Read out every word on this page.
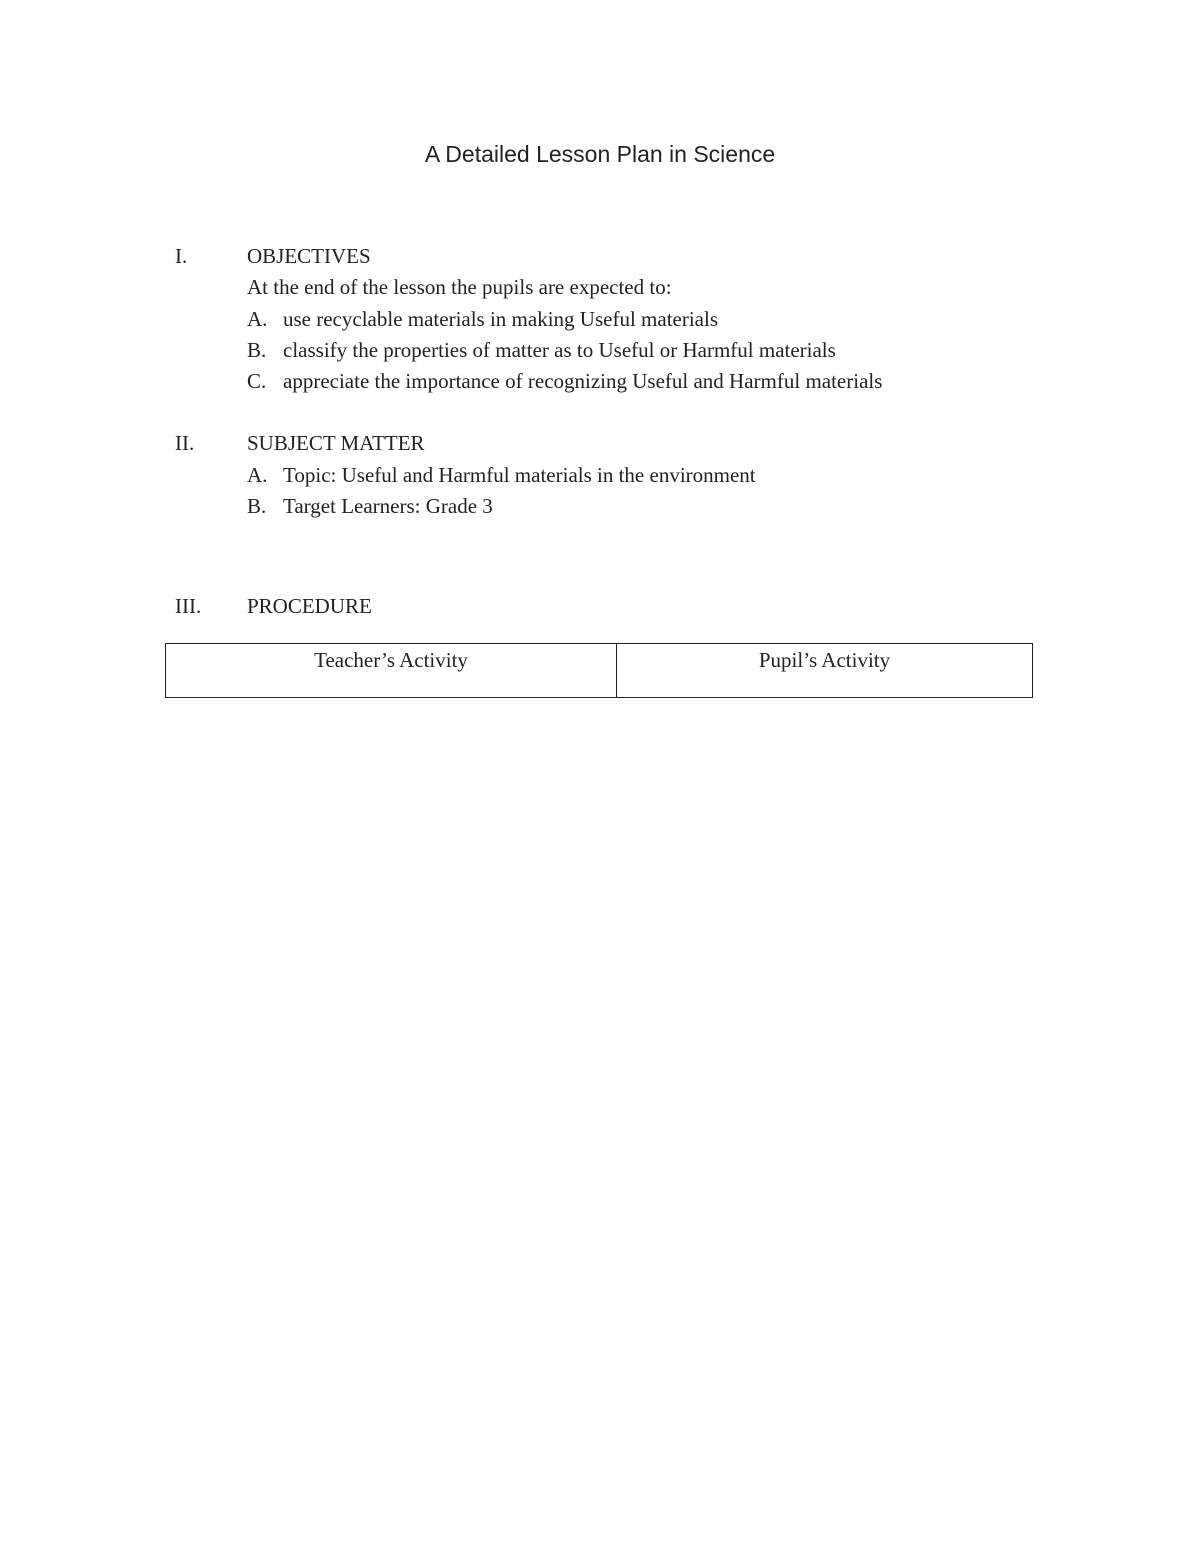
A Detailed Lesson Plan in Science
I.	OBJECTIVES
At the end of the lesson the pupils are expected to:
A. use recyclable materials in making Useful materials
B. classify the properties of matter as to Useful or Harmful materials
C. appreciate the importance of recognizing Useful and Harmful materials
II.	SUBJECT MATTER
A. Topic: Useful and Harmful materials in the environment
B. Target Learners: Grade 3
III. PROCEDURE
Teacher’s Activity	Pupil’s Activity
